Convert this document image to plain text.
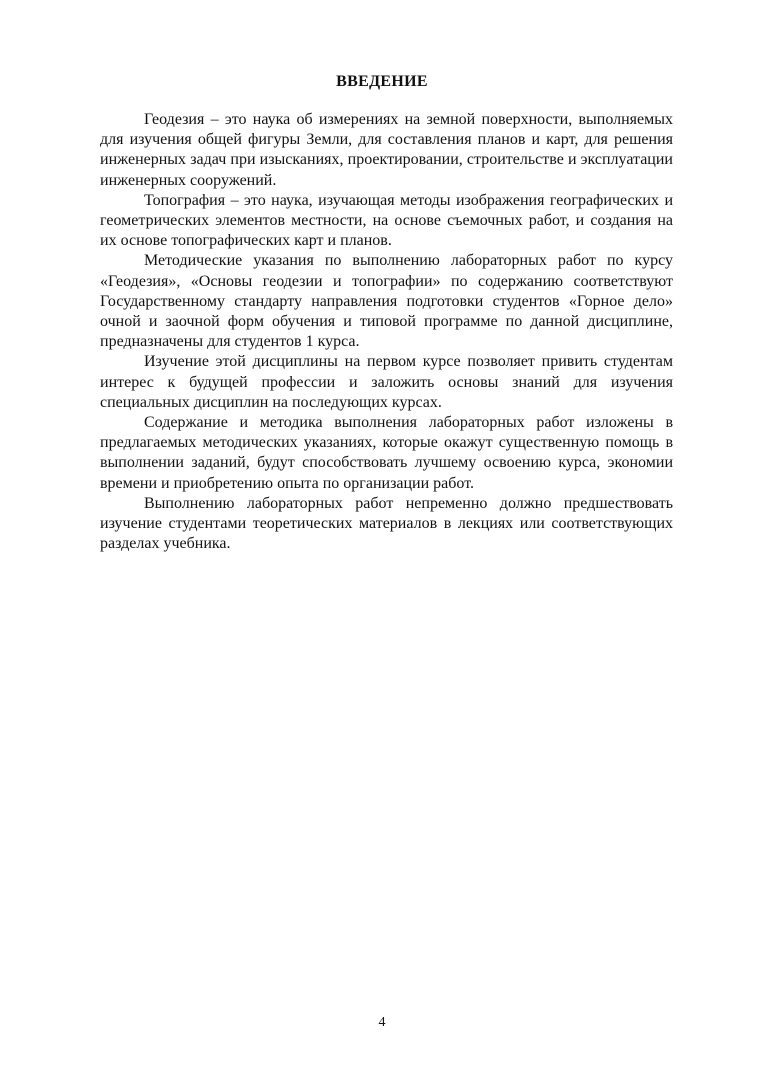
ВВЕДЕНИЕ

Геодезия – это наука об измерениях на земной поверхности, выполняемых для изучения общей фигуры Земли, для составления планов и карт, для решения инженерных задач при изысканиях, проектировании, строительстве и эксплуатации инженерных сооружений.

Топография – это наука, изучающая методы изображения географических и геометрических элементов местности, на основе съемочных работ, и создания на их основе топографических карт и планов.

Методические указания по выполнению лабораторных работ по курсу «Геодезия», «Основы геодезии и топографии» по содержанию соответствуют Государственному стандарту направления подготовки студентов «Горное дело» очной и заочной форм обучения и типовой программе по данной дисциплине, предназначены для студентов 1 курса.

Изучение этой дисциплины на первом курсе позволяет привить студентам интерес к будущей профессии и заложить основы знаний для изучения специальных дисциплин на последующих курсах.

Содержание и методика выполнения лабораторных работ изложены в предлагаемых методических указаниях, которые окажут существенную помощь в выполнении заданий, будут способствовать лучшему освоению курса, экономии времени и приобретению опыта по организации работ.

Выполнению лабораторных работ непременно должно предшествовать изучение студентами теоретических материалов в лекциях или соответствующих разделах учебника.

4
